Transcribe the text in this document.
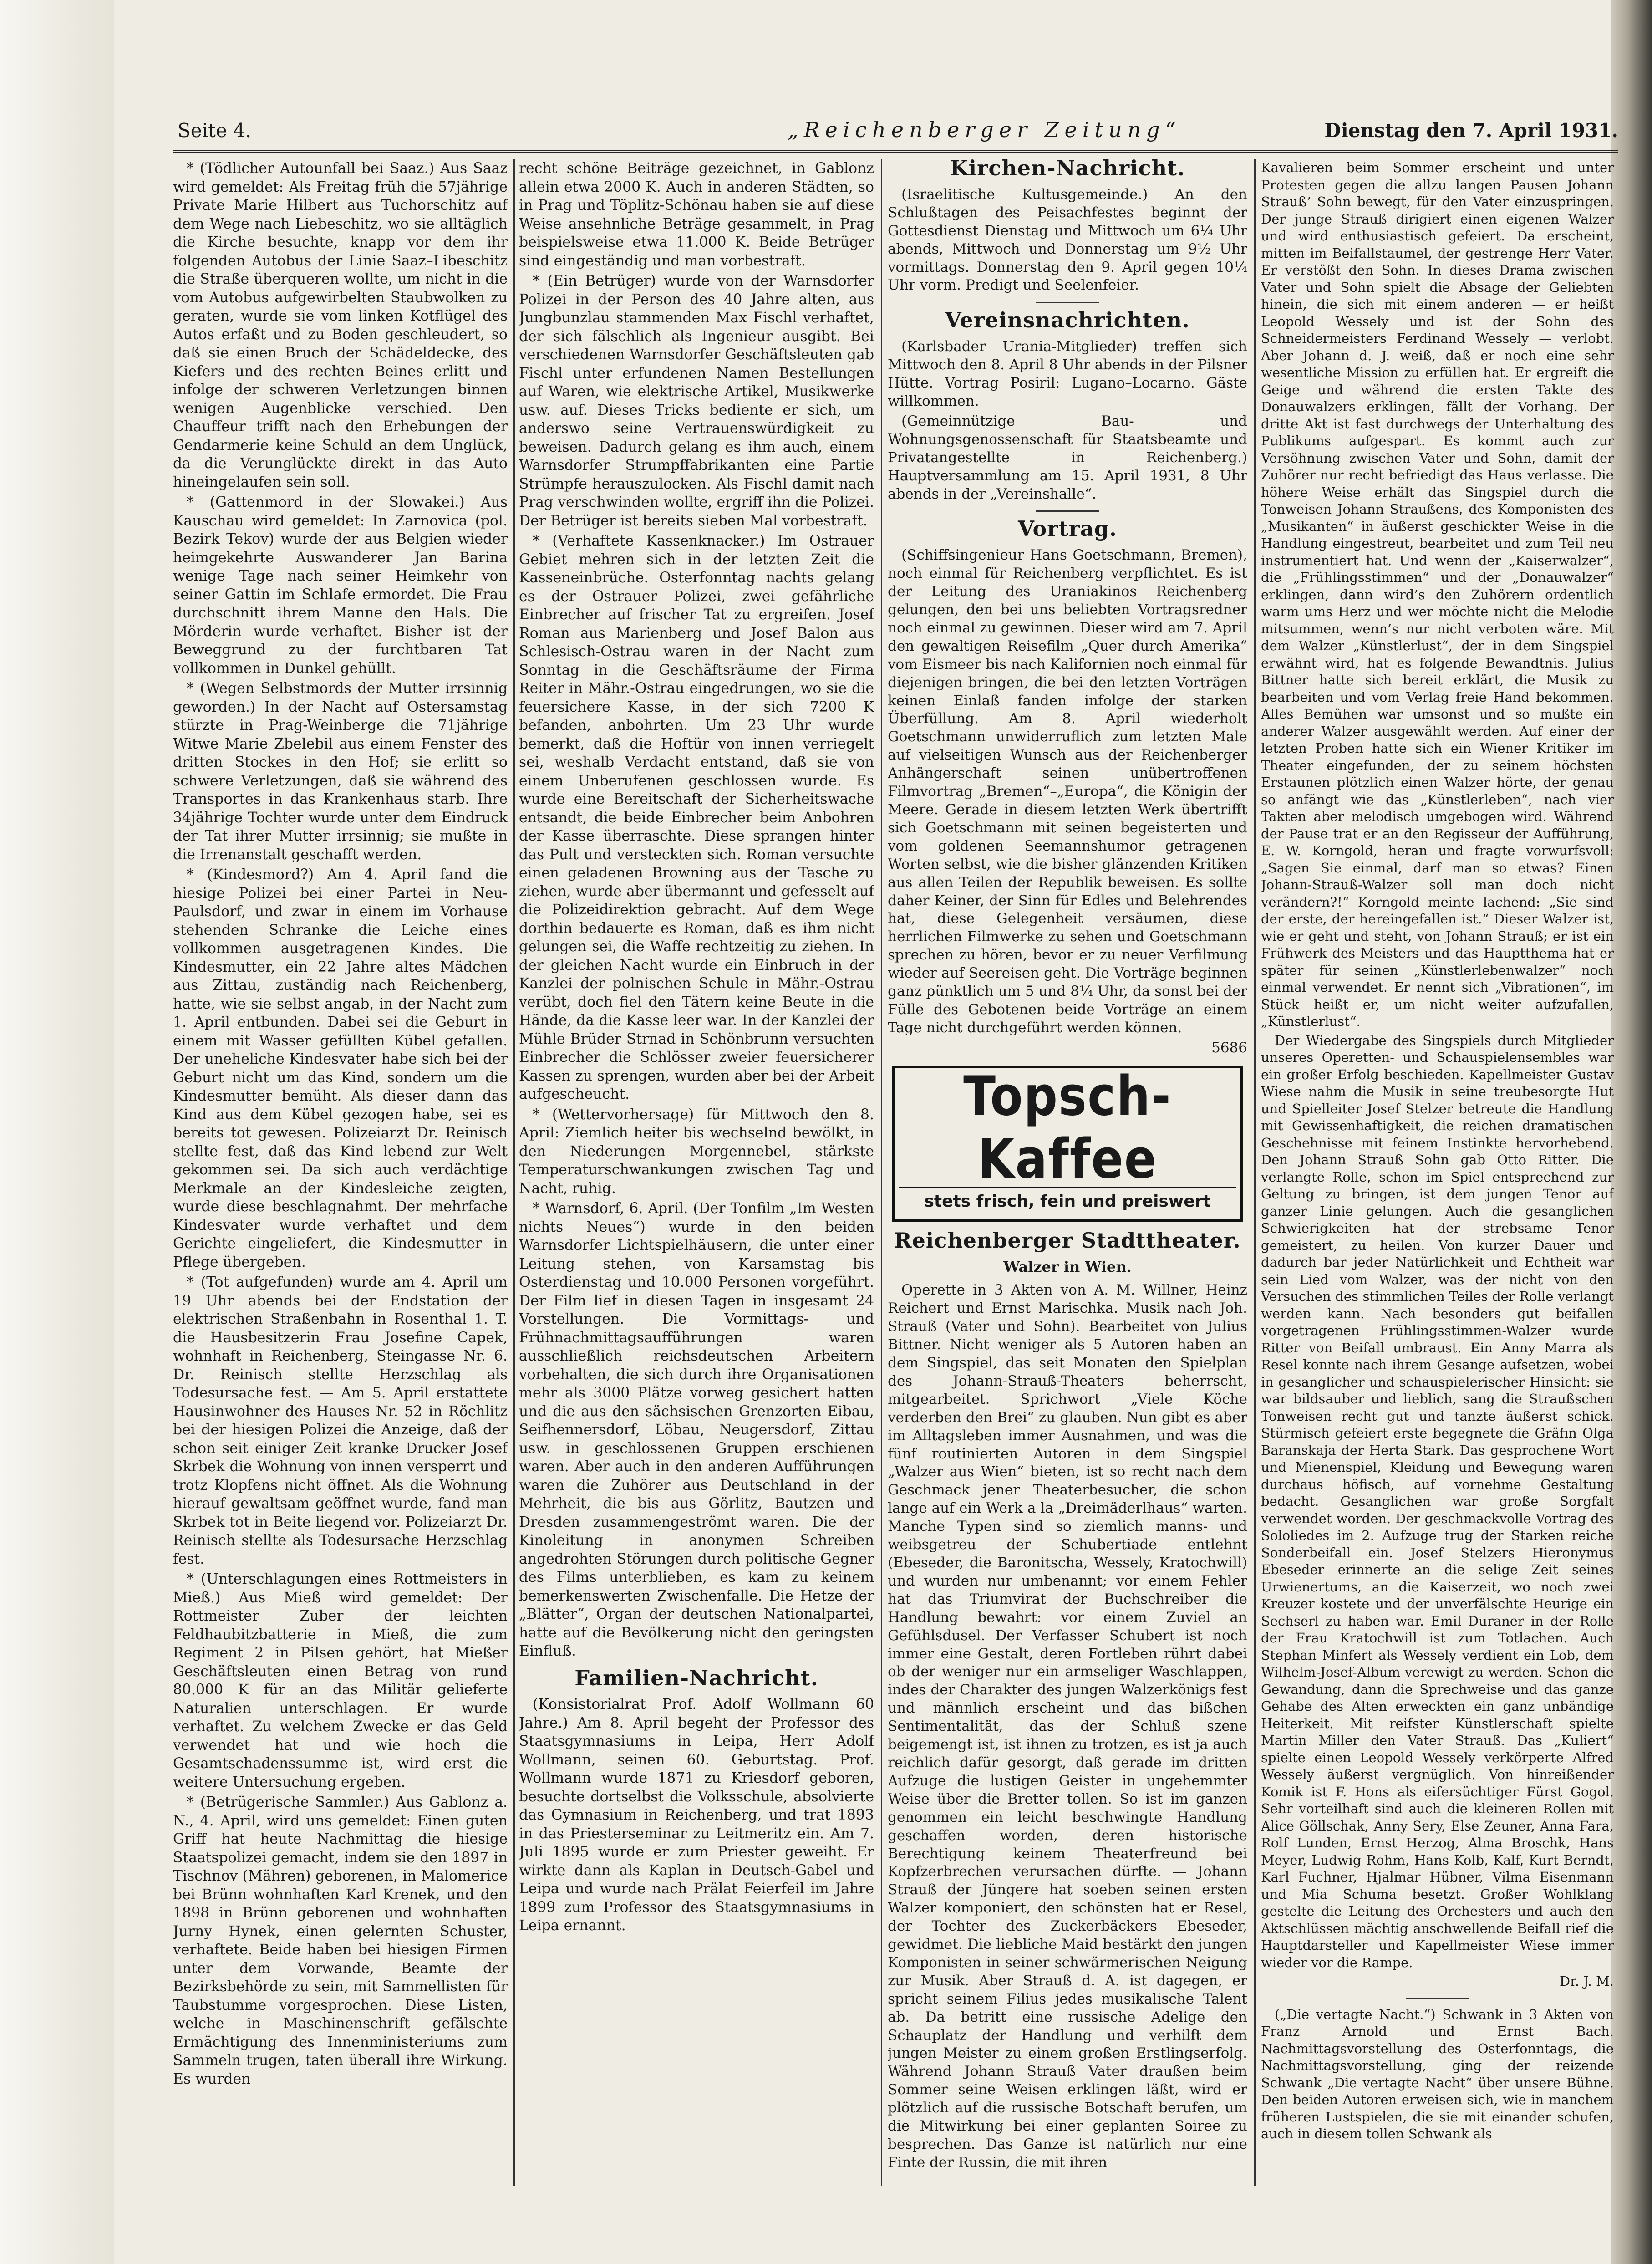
Seite 4.	„Reichenberger Zeitung“	Dienstag den 7. April 1931.

* (Tödlicher Autounfall bei Saaz.) Aus Saaz wird gemeldet: Als Freitag früh die 57jährige Private Marie Hilbert aus Tuchorschitz auf dem Wege nach Liebeschitz, wo sie alltäglich die Kirche besuchte, knapp vor dem ihr folgenden Autobus der Linie Saaz–Libeschitz die Straße überqueren wollte, um nicht in die vom Autobus aufgewirbelten Staubwolken zu geraten, wurde sie vom linken Kotflügel des Autos erfaßt und zu Boden geschleudert, so daß sie einen Bruch der Schädeldecke, des Kiefers und des rechten Beines erlitt und infolge der schweren Verletzungen binnen wenigen Augenblicke verschied. Den Chauffeur trifft nach den Erhebungen der Gendarmerie keine Schuld an dem Unglück, da die Verunglückte direkt in das Auto hineingelaufen sein soll.

* (Gattenmord in der Slowakei.) Aus Kauschau wird gemeldet: In Zarnovica (pol. Bezirk Tekov) wurde der aus Belgien wieder heimgekehrte Auswanderer Jan Barina wenige Tage nach seiner Heimkehr von seiner Gattin im Schlafe ermordet. Die Frau durchschnitt ihrem Manne den Hals. Die Mörderin wurde verhaftet. Bisher ist der Beweggrund zu der furchtbaren Tat vollkommen in Dunkel gehüllt.

* (Wegen Selbstmords der Mutter irrsinnig geworden.) In der Nacht auf Ostersamstag stürzte in Prag-Weinberge die 71jährige Witwe Marie Zbelebil aus einem Fenster des dritten Stockes in den Hof; sie erlitt so schwere Verletzungen, daß sie während des Transportes in das Krankenhaus starb. Ihre 34jährige Tochter wurde unter dem Eindruck der Tat ihrer Mutter irrsinnig; sie mußte in die Irrenanstalt geschafft werden.

* (Kindesmord?) Am 4. April fand die hiesige Polizei bei einer Partei in Neu-Paulsdorf, und zwar in einem im Vorhause stehenden Schranke die Leiche eines vollkommen ausgetragenen Kindes. Die Kindesmutter, ein 22 Jahre altes Mädchen aus Zittau, zuständig nach Reichenberg, hatte, wie sie selbst angab, in der Nacht zum 1. April entbunden. Dabei sei die Geburt in einem mit Wasser gefüllten Kübel gefallen. Der uneheliche Kindesvater habe sich bei der Geburt nicht um das Kind, sondern um die Kindesmutter bemüht. Als dieser dann das Kind aus dem Kübel gezogen habe, sei es bereits tot gewesen. Polizeiarzt Dr. Reinisch stellte fest, daß das Kind lebend zur Welt gekommen sei. Da sich auch verdächtige Merkmale an der Kindesleiche zeigten, wurde diese beschlagnahmt. Der mehrfache Kindesvater wurde verhaftet und dem Gerichte eingeliefert, die Kindesmutter in Pflege übergeben.

* (Tot aufgefunden) wurde am 4. April um 19 Uhr abends bei der Endstation der elektrischen Straßenbahn in Rosenthal 1. T. die Hausbesitzerin Frau Josefine Capek, wohnhaft in Reichenberg, Steingasse Nr. 6. Dr. Reinisch stellte Herzschlag als Todesursache fest. — Am 5. April erstattete Hausinwohner des Hauses Nr. 52 in Röchlitz bei der hiesigen Polizei die Anzeige, daß der schon seit einiger Zeit kranke Drucker Josef Skrbek die Wohnung von innen versperrt und trotz Klopfens nicht öffnet. Als die Wohnung hierauf gewaltsam geöffnet wurde, fand man Skrbek tot in Beite liegend vor. Polizeiarzt Dr. Reinisch stellte als Todesursache Herzschlag fest.

* (Unterschlagungen eines Rottmeisters in Mieß.) Aus Mieß wird gemeldet: Der Rottmeister Zuber der leichten Feldhaubitzbatterie in Mieß, die zum Regiment 2 in Pilsen gehört, hat Mießer Geschäftsleuten einen Betrag von rund 80.000 K für an das Militär gelieferte Naturalien unterschlagen. Er wurde verhaftet. Zu welchem Zwecke er das Geld verwendet hat und wie hoch die Gesamtschadenssumme ist, wird erst die weitere Untersuchung ergeben.

* (Betrügerische Sammler.) Aus Gablonz a. N., 4. April, wird uns gemeldet: Einen guten Griff hat heute Nachmittag die hiesige Staatspolizei gemacht, indem sie den 1897 in Tischnov (Mähren) geborenen, in Malomerice bei Brünn wohnhaften Karl Krenek, und den 1898 in Brünn geborenen und wohnhaften Jurny Hynek, einen gelernten Schuster, verhaftete. Beide haben bei hiesigen Firmen unter dem Vorwande, Beamte der Bezirksbehörde zu sein, mit Sammellisten für Taubstumme vorgesprochen. Diese Listen, welche in Maschinenschrift gefälschte Ermächtigung des Innenministeriums zum Sammeln trugen, taten überall ihre Wirkung. Es wurden

recht schöne Beiträge gezeichnet, in Gablonz allein etwa 2000 K. Auch in anderen Städten, so in Prag und Töplitz-Schönau haben sie auf diese Weise ansehnliche Beträge gesammelt, in Prag beispielsweise etwa 11.000 K. Beide Betrüger sind eingeständig und man vorbestraft.

* (Ein Betrüger) wurde von der Warnsdorfer Polizei in der Person des 40 Jahre alten, aus Jungbunzlau stammenden Max Fischl verhaftet, der sich fälschlich als Ingenieur ausgibt. Bei verschiedenen Warnsdorfer Geschäftsleuten gab Fischl unter erfundenen Namen Bestellungen auf Waren, wie elektrische Artikel, Musikwerke usw. auf. Dieses Tricks bediente er sich, um anderswo seine Vertrauenswürdigkeit zu beweisen. Dadurch gelang es ihm auch, einem Warnsdorfer Strumpffabrikanten eine Partie Strümpfe herauszulocken. Als Fischl damit nach Prag verschwinden wollte, ergriff ihn die Polizei. Der Betrüger ist bereits sieben Mal vorbestraft.

* (Verhaftete Kassenknacker.) Im Ostrauer Gebiet mehren sich in der letzten Zeit die Kasseneinbrüche. Osterfonntag nachts gelang es der Ostrauer Polizei, zwei gefährliche Einbrecher auf frischer Tat zu ergreifen. Josef Roman aus Marienberg und Josef Balon aus Schlesisch-Ostrau waren in der Nacht zum Sonntag in die Geschäftsräume der Firma Reiter in Mähr.-Ostrau eingedrungen, wo sie die feuersichere Kasse, in der sich 7200 K befanden, anbohrten. Um 23 Uhr wurde bemerkt, daß die Hoftür von innen verriegelt sei, weshalb Verdacht entstand, daß sie von einem Unberufenen geschlossen wurde. Es wurde eine Bereitschaft der Sicherheitswache entsandt, die beide Einbrecher beim Anbohren der Kasse überraschte. Diese sprangen hinter das Pult und versteckten sich. Roman versuchte einen geladenen Browning aus der Tasche zu ziehen, wurde aber übermannt und gefesselt auf die Polizeidirektion gebracht. Auf dem Wege dorthin bedauerte es Roman, daß es ihm nicht gelungen sei, die Waffe rechtzeitig zu ziehen. In der gleichen Nacht wurde ein Einbruch in der Kanzlei der polnischen Schule in Mähr.-Ostrau verübt, doch fiel den Tätern keine Beute in die Hände, da die Kasse leer war. In der Kanzlei der Mühle Brüder Strnad in Schönbrunn versuchten Einbrecher die Schlösser zweier feuersicherer Kassen zu sprengen, wurden aber bei der Arbeit aufgescheucht.

* (Wettervorhersage) für Mittwoch den 8. April: Ziemlich heiter bis wechselnd bewölkt, in den Niederungen Morgennebel, stärkste Temperaturschwankungen zwischen Tag und Nacht, ruhig.

* Warnsdorf, 6. April. (Der Tonfilm „Im Westen nichts Neues“) wurde in den beiden Warnsdorfer Lichtspielhäusern, die unter einer Leitung stehen, von Karsamstag bis Osterdienstag und 10.000 Personen vorgeführt. Der Film lief in diesen Tagen in insgesamt 24 Vorstellungen. Die Vormittags- und Frühnachmittagsaufführungen waren ausschließlich reichsdeutschen Arbeitern vorbehalten, die sich durch ihre Organisationen mehr als 3000 Plätze vorweg gesichert hatten und die aus den sächsischen Grenzorten Eibau, Seifhennersdorf, Löbau, Neugersdorf, Zittau usw. in geschlossenen Gruppen erschienen waren. Aber auch in den anderen Aufführungen waren die Zuhörer aus Deutschland in der Mehrheit, die bis aus Görlitz, Bautzen und Dresden zusammengeströmt waren. Die der Kinoleitung in anonymen Schreiben angedrohten Störungen durch politische Gegner des Films unterblieben, es kam zu keinem bemerkenswerten Zwischenfalle. Die Hetze der „Blätter“, Organ der deutschen Nationalpartei, hatte auf die Bevölkerung nicht den geringsten Einfluß.

Familien-Nachricht.

(Konsistorialrat Prof. Adolf Wollmann 60 Jahre.) Am 8. April begeht der Professor des Staatsgymnasiums in Leipa, Herr Adolf Wollmann, seinen 60. Geburtstag. Prof. Wollmann wurde 1871 zu Kriesdorf geboren, besuchte dortselbst die Volksschule, absolvierte das Gymnasium in Reichenberg, und trat 1893 in das Priesterseminar zu Leitmeritz ein. Am 7. Juli 1895 wurde er zum Priester geweiht. Er wirkte dann als Kaplan in Deutsch-Gabel und Leipa und wurde nach Prälat Feierfeil im Jahre 1899 zum Professor des Staatsgymnasiums in Leipa ernannt.

Kirchen-Nachricht.

(Israelitische Kultusgemeinde.) An den Schlußtagen des Peisachfestes beginnt der Gottesdienst Dienstag und Mittwoch um 6¼ Uhr abends, Mittwoch und Donnerstag um 9½ Uhr vormittags. Donnerstag den 9. April gegen 10¼ Uhr vorm. Predigt und Seelenfeier.

Vereinsnachrichten.

(Karlsbader Urania-Mitglieder) treffen sich Mittwoch den 8. April 8 Uhr abends in der Pilsner Hütte. Vortrag Posiril: Lugano–Locarno. Gäste willkommen.

(Gemeinnützige Bau- und Wohnungsgenossenschaft für Staatsbeamte und Privatangestellte in Reichenberg.) Hauptversammlung am 15. April 1931, 8 Uhr abends in der „Vereinshalle“.

Vortrag.

(Schiffsingenieur Hans Goetschmann, Bremen), noch einmal für Reichenberg verpflichtet. Es ist der Leitung des Uraniakinos Reichenberg gelungen, den bei uns beliebten Vortragsredner noch einmal zu gewinnen. Dieser wird am 7. April den gewaltigen Reisefilm „Quer durch Amerika“ vom Eismeer bis nach Kalifornien noch einmal für diejenigen bringen, die bei den letzten Vorträgen keinen Einlaß fanden infolge der starken Überfüllung. Am 8. April wiederholt Goetschmann unwiderruflich zum letzten Male auf vielseitigen Wunsch aus der Reichenberger Anhängerschaft seinen unübertroffenen Filmvortrag „Bremen“–„Europa“, die Königin der Meere. Gerade in diesem letzten Werk übertrifft sich Goetschmann mit seinen begeisterten und vom goldenen Seemannshumor getragenen Worten selbst, wie die bisher glänzenden Kritiken aus allen Teilen der Republik beweisen. Es sollte daher Keiner, der Sinn für Edles und Belehrendes hat, diese Gelegenheit versäumen, diese herrlichen Filmwerke zu sehen und Goetschmann sprechen zu hören, bevor er zu neuer Verfilmung wieder auf Seereisen geht. Die Vorträge beginnen ganz pünktlich um 5 und 8¼ Uhr, da sonst bei der Fülle des Gebotenen beide Vorträge an einem Tage nicht durchgeführt werden können.

5686

Topsch-Kaffee
stets frisch, fein und preiswert
Reichenberger Stadttheater.
Walzer in Wien.

Operette in 3 Akten von A. M. Willner, Heinz Reichert und Ernst Marischka. Musik nach Joh. Strauß (Vater und Sohn). Bearbeitet von Julius Bittner. Nicht weniger als 5 Autoren haben an dem Singspiel, das seit Monaten den Spielplan des Johann-Strauß-Theaters beherrscht, mitgearbeitet. Sprichwort „Viele Köche verderben den Brei“ zu glauben. Nun gibt es aber im Alltagsleben immer Ausnahmen, und was die fünf routinierten Autoren in dem Singspiel „Walzer aus Wien“ bieten, ist so recht nach dem Geschmack jener Theaterbesucher, die schon lange auf ein Werk a la „Dreimäderlhaus“ warten. Manche Typen sind so ziemlich manns- und weibsgetreu der Schubertiade entlehnt (Ebeseder, die Baronitscha, Wessely, Kratochwill) und wurden nur umbenannt; vor einem Fehler hat das Triumvirat der Buchschreiber die Handlung bewahrt: vor einem Zuviel an Gefühlsdusel. Der Verfasser Schubert ist noch immer eine Gestalt, deren Fortleben rührt dabei ob der weniger nur ein armseliger Waschlappen, indes der Charakter des jungen Walzerkönigs fest und männlich erscheint und das bißchen Sentimentalität, das der Schluß szene beigemengt ist, ist ihnen zu trotzen, es ist ja auch reichlich dafür gesorgt, daß gerade im dritten Aufzuge die lustigen Geister in ungehemmter Weise über die Bretter tollen. So ist im ganzen genommen ein leicht beschwingte Handlung geschaffen worden, deren historische Berechtigung keinem Theaterfreund bei Kopfzerbrechen verursachen dürfte. — Johann Strauß der Jüngere hat soeben seinen ersten Walzer komponiert, den schönsten hat er Resel, der Tochter des Zuckerbäckers Ebeseder, gewidmet. Die liebliche Maid bestärkt den jungen Komponisten in seiner schwärmerischen Neigung zur Musik. Aber Strauß d. A. ist dagegen, er spricht seinem Filius jedes musikalische Talent ab. Da betritt eine russische Adelige den Schauplatz der Handlung und verhilft dem jungen Meister zu einem großen Erstlingserfolg. Während Johann Strauß Vater draußen beim Sommer seine Weisen erklingen läßt, wird er plötzlich auf die russische Botschaft berufen, um die Mitwirkung bei einer geplanten Soiree zu besprechen. Das Ganze ist natürlich nur eine Finte der Russin, die mit ihren

Kavalieren beim Sommer erscheint und unter Protesten gegen die allzu langen Pausen Johann Strauß’ Sohn bewegt, für den Vater einzuspringen. Der junge Strauß dirigiert einen eigenen Walzer und wird enthusiastisch gefeiert. Da erscheint, mitten im Beifallstaumel, der gestrenge Herr Vater. Er verstößt den Sohn. In dieses Drama zwischen Vater und Sohn spielt die Absage der Geliebten hinein, die sich mit einem anderen — er heißt Leopold Wessely und ist der Sohn des Schneidermeisters Ferdinand Wessely — verlobt. Aber Johann d. J. weiß, daß er noch eine sehr wesentliche Mission zu erfüllen hat. Er ergreift die Geige und während die ersten Takte des Donauwalzers erklingen, fällt der Vorhang. Der dritte Akt ist fast durchwegs der Unterhaltung des Publikums aufgespart. Es kommt auch zur Versöhnung zwischen Vater und Sohn, damit der Zuhörer nur recht befriedigt das Haus verlasse. Die höhere Weise erhält das Singspiel durch die Tonweisen Johann Straußens, des Komponisten des „Musikanten“ in äußerst geschickter Weise in die Handlung eingestreut, bearbeitet und zum Teil neu instrumentiert hat. Und wenn der „Kaiserwalzer“, die „Frühlingsstimmen“ und der „Donauwalzer“ erklingen, dann wird’s den Zuhörern ordentlich warm ums Herz und wer möchte nicht die Melodie mitsummen, wenn’s nur nicht verboten wäre. Mit dem Walzer „Künstlerlust“, der in dem Singspiel erwähnt wird, hat es folgende Bewandtnis. Julius Bittner hatte sich bereit erklärt, die Musik zu bearbeiten und vom Verlag freie Hand bekommen. Alles Bemühen war umsonst und so mußte ein anderer Walzer ausgewählt werden. Auf einer der letzten Proben hatte sich ein Wiener Kritiker im Theater eingefunden, der zu seinem höchsten Erstaunen plötzlich einen Walzer hörte, der genau so anfängt wie das „Künstlerleben“, nach vier Takten aber melodisch umgebogen wird. Während der Pause trat er an den Regisseur der Aufführung, E. W. Korngold, heran und fragte vorwurfsvoll: „Sagen Sie einmal, darf man so etwas? Einen Johann-Strauß-Walzer soll man doch nicht verändern?!“ Korngold meinte lachend: „Sie sind der erste, der hereingefallen ist.“ Dieser Walzer ist, wie er geht und steht, von Johann Strauß; er ist ein Frühwerk des Meisters und das Hauptthema hat er später für seinen „Künstlerlebenwalzer“ noch einmal verwendet. Er nennt sich „Vibrationen“, im Stück heißt er, um nicht weiter aufzufallen, „Künstlerlust“.

Der Wiedergabe des Singspiels durch Mitglieder unseres Operetten- und Schauspielensembles war ein großer Erfolg beschieden. Kapellmeister Gustav Wiese nahm die Musik in seine treubesorgte Hut und Spielleiter Josef Stelzer betreute die Handlung mit Gewissenhaftigkeit, die reichen dramatischen Geschehnisse mit feinem Instinkte hervorhebend. Den Johann Strauß Sohn gab Otto Ritter. Die verlangte Rolle, schon im Spiel entsprechend zur Geltung zu bringen, ist dem jungen Tenor auf ganzer Linie gelungen. Auch die gesanglichen Schwierigkeiten hat der strebsame Tenor gemeistert, zu heilen. Von kurzer Dauer und dadurch bar jeder Natürlichkeit und Echtheit war sein Lied vom Walzer, was der nicht von den Versuchen des stimmlichen Teiles der Rolle verlangt werden kann. Nach besonders gut beifallen vorgetragenen Frühlingsstimmen-Walzer wurde Ritter von Beifall umbraust. Ein Anny Marra als Resel konnte nach ihrem Gesange aufsetzen, wobei in gesanglicher und schauspielerischer Hinsicht: sie war bildsauber und lieblich, sang die Straußschen Tonweisen recht gut und tanzte äußerst schick. Stürmisch gefeiert erste begegnete die Gräfin Olga Baranskaja der Herta Stark. Das gesprochene Wort und Mienenspiel, Kleidung und Bewegung waren durchaus höfisch, auf vornehme Gestaltung bedacht. Gesanglichen war große Sorgfalt verwendet worden. Der geschmackvolle Vortrag des Sololiedes im 2. Aufzuge trug der Starken reiche Sonderbeifall ein. Josef Stelzers Hieronymus Ebeseder erinnerte an die selige Zeit seines Urwienertums, an die Kaiserzeit, wo noch zwei Kreuzer kostete und der unverfälschte Heurige ein Sechserl zu haben war. Emil Duraner in der Rolle der Frau Kratochwill ist zum Totlachen. Auch Stephan Minfert als Wessely verdient ein Lob, dem Wilhelm-Josef-Album verewigt zu werden. Schon die Gewandung, dann die Sprechweise und das ganze Gehabe des Alten erweckten ein ganz unbändige Heiterkeit. Mit reifster Künstlerschaft spielte Martin Miller den Vater Strauß. Das „Kuliert“ spielte einen Leopold Wessely verkörperte Alfred Wessely äußerst vergnüglich. Von hinreißender Komik ist F. Hons als eifersüchtiger Fürst Gogol. Sehr vorteilhaft sind auch die kleineren Rollen mit Alice Göllschak, Anny Sery, Else Zeuner, Anna Fara, Rolf Lunden, Ernst Herzog, Alma Broschk, Hans Meyer, Ludwig Rohm, Hans Kolb, Kalf, Kurt Berndt, Karl Fuchner, Hjalmar Hübner, Vilma Eisenmann und Mia Schuma besetzt. Großer Wohlklang gestelte die Leitung des Orchesters und auch den Aktschlüssen mächtig anschwellende Beifall rief die Hauptdarsteller und Kapellmeister Wiese immer wieder vor die Rampe.

Dr. J. M.

(„Die vertagte Nacht.“) Schwank in 3 Akten von Franz Arnold und Ernst Bach. Nachmittagsvorstellung des Osterfonntags, die Nachmittagsvorstellung, ging der reizende Schwank „Die vertagte Nacht“ über unsere Bühne. Den beiden Autoren erweisen sich, wie in manchem früheren Lustspielen, die sie mit einander schufen, auch in diesem tollen Schwank als
